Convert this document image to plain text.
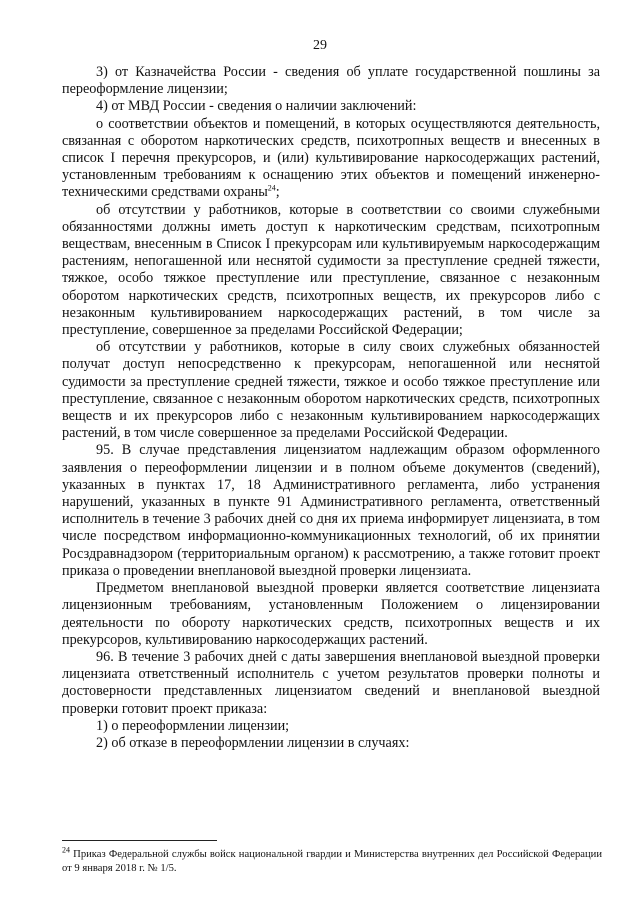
29

3) от Казначейства России - сведения об уплате государственной пошлины за переоформление лицензии;

4) от МВД России - сведения о наличии заключений:

о соответствии объектов и помещений, в которых осуществляются деятельность, связанная с оборотом наркотических средств, психотропных веществ и внесенных в список I перечня прекурсоров, и (или) культивирование наркосодержащих растений, установленным требованиям к оснащению этих объектов и помещений инженерно-техническими средствами охраны$^{24}$;

об отсутствии у работников, которые в соответствии со своими служебными обязанностями должны иметь доступ к наркотическим средствам, психотропным веществам, внесенным в Список I прекурсорам или культивируемым наркосодержащим растениям, непогашенной или неснятой судимости за преступление средней тяжести, тяжкое, особо тяжкое преступление или преступление, связанное с незаконным оборотом наркотических средств, психотропных веществ, их прекурсоров либо с незаконным культивированием наркосодержащих растений, в том числе за преступление, совершенное за пределами Российской Федерации;

об отсутствии у работников, которые в силу своих служебных обязанностей получат доступ непосредственно к прекурсорам, непогашенной или неснятой судимости за преступление средней тяжести, тяжкое и особо тяжкое преступление или преступление, связанное с незаконным оборотом наркотических средств, психотропных веществ и их прекурсоров либо с незаконным культивированием наркосодержащих растений, в том числе совершенное за пределами Российской Федерации.

95. В случае представления лицензиатом надлежащим образом оформленного заявления о переоформлении лицензии и в полном объеме документов (сведений), указанных в пунктах 17, 18 Административного регламента, либо устранения нарушений, указанных в пункте 91 Административного регламента, ответственный исполнитель в течение 3 рабочих дней со дня их приема информирует лицензиата, в том числе посредством информационно-коммуникационных технологий, об их принятии Росздравнадзором (территориальным органом) к рассмотрению, а также готовит проект приказа о проведении внеплановой выездной проверки лицензиата.

Предметом внеплановой выездной проверки является соответствие лицензиата лицензионным требованиям, установленным Положением о лицензировании деятельности по обороту наркотических средств, психотропных веществ и их прекурсоров, культивированию наркосодержащих растений.

96. В течение 3 рабочих дней с даты завершения внеплановой выездной проверки лицензиата ответственный исполнитель с учетом результатов проверки полноты и достоверности представленных лицензиатом сведений и внеплановой выездной проверки готовит проект приказа:

1) о переоформлении лицензии;

2) об отказе в переоформлении лицензии в случаях:

$^{24}$ Приказ Федеральной службы войск национальной гвардии и Министерства внутренних дел Российской Федерации от 9 января 2018 г. № 1/5.
